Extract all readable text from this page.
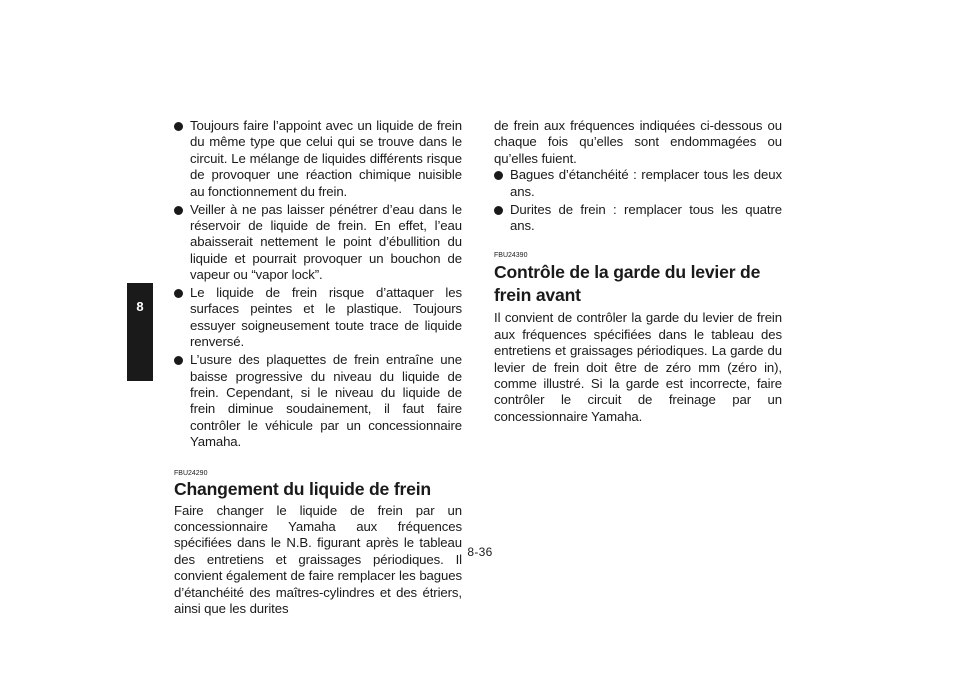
8
Toujours faire l’appoint avec un liquide de frein du même type que celui qui se trouve dans le circuit. Le mélange de liquides différents risque de provoquer une réaction chimique nuisible au fonctionnement du frein.
Veiller à ne pas laisser pénétrer d’eau dans le réservoir de liquide de frein. En effet, l’eau abaisserait nettement le point d’ébullition du liquide et pourrait provoquer un bouchon de vapeur ou “vapor lock”.
Le liquide de frein risque d’attaquer les surfaces peintes et le plastique. Toujours essuyer soigneusement toute trace de liquide renversé.
L’usure des plaquettes de frein entraîne une baisse progressive du niveau du liquide de frein. Cependant, si le niveau du liquide de frein diminue soudainement, il faut faire contrôler le véhicule par un concessionnaire Yamaha.

FBU24290

Changement du liquide de frein

Faire changer le liquide de frein par un concessionnaire Yamaha aux fréquences spécifiées dans le N.B. figurant après le tableau des entretiens et graissages périodiques. Il convient également de faire remplacer les bagues d’étanchéité des maîtres-cylindres et des étriers, ainsi que les durites

de frein aux fréquences indiquées ci-dessous ou chaque fois qu’elles sont endommagées ou qu’elles fuient.

Bagues d’étanchéité : remplacer tous les deux ans.
Durites de frein : remplacer tous les quatre ans.

FBU24390

Contrôle de la garde du levier de frein avant

Il convient de contrôler la garde du levier de frein aux fréquences spécifiées dans le tableau des entretiens et graissages périodiques. La garde du levier de frein doit être de zéro mm (zéro in), comme illustré. Si la garde est incorrecte, faire contrôler le circuit de freinage par un concessionnaire Yamaha.

8-36
